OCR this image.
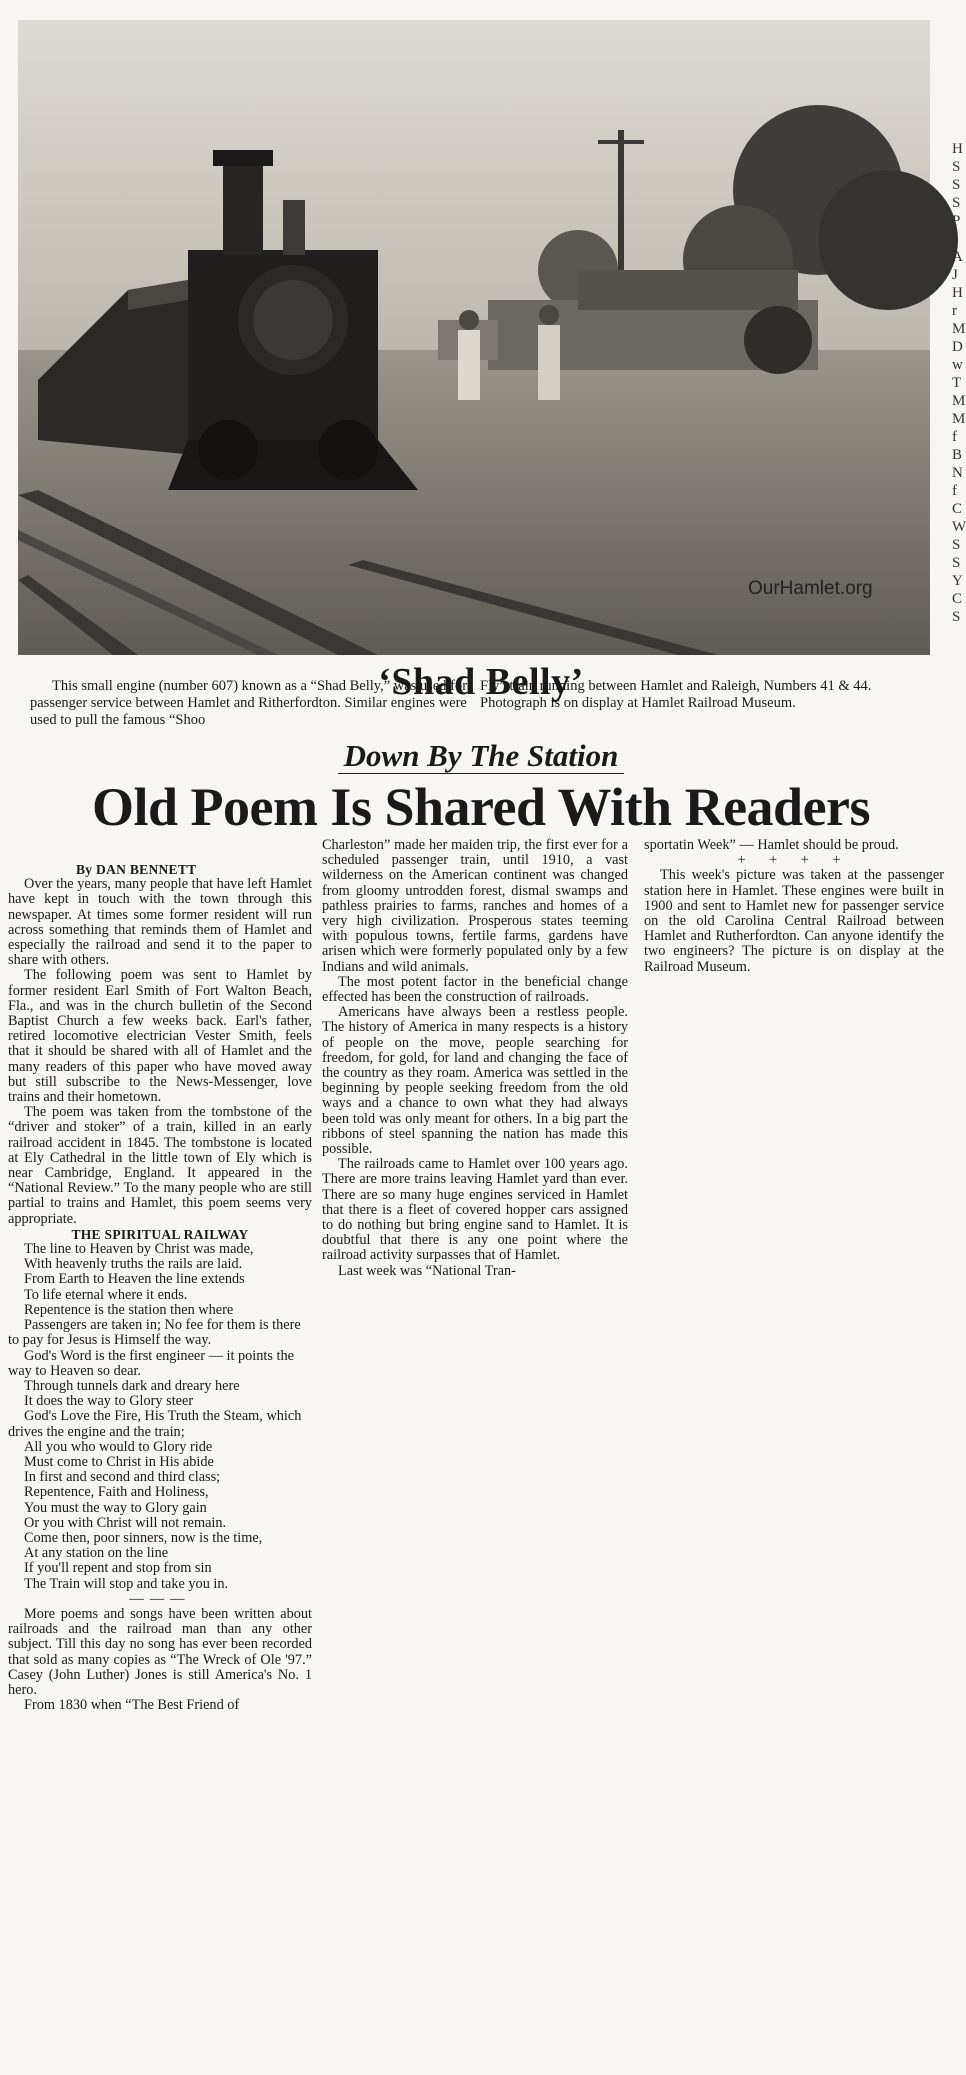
HSSSPfAJHrMDwTMMfBNfCWSSYCS
‘Shad Belly’
This small engine (number 607) known as a “Shad Belly,” was used for passenger service between Hamlet and Ritherfordton. Similar engines were used to pull the famous “Shoo
Fly” train running between Hamlet and Raleigh, Numbers 41 & 44. Photograph is on display at Hamlet Railroad Museum.
Down By The Station
Old Poem Is Shared With Readers
OurHamlet.org

By DAN BENNETT

Over the years, many people that have left Hamlet have kept in touch with the town through this newspaper. At times some former resident will run across something that reminds them of Hamlet and especially the railroad and send it to the paper to share with others.

The following poem was sent to Hamlet by former resident Earl Smith of Fort Walton Beach, Fla., and was in the church bulletin of the Second Baptist Church a few weeks back. Earl's father, retired locomotive electrician Vester Smith, feels that it should be shared with all of Hamlet and the many readers of this paper who have moved away but still subscribe to the News-Messenger, love trains and their hometown.

The poem was taken from the tombstone of the “driver and stoker” of a train, killed in an early railroad accident in 1845. The tombstone is located at Ely Cathedral in the little town of Ely which is near Cambridge, England. It appeared in the “National Review.” To the many people who are still partial to trains and Hamlet, this poem seems very appropriate.

THE SPIRITUAL RAILWAY

The line to Heaven by Christ was made,

With heavenly truths the rails are laid.

From Earth to Heaven the line extends

To life eternal where it ends.

Repentence is the station then where

Passengers are taken in; No fee for them is there to pay for Jesus is Himself the way.

God's Word is the first engineer — it points the way to Heaven so dear.

Through tunnels dark and dreary here

It does the way to Glory steer

God's Love the Fire, His Truth the Steam, which drives the engine and the train;

All you who would to Glory ride

Must come to Christ in His abide

In first and second and third class;

Repentence, Faith and Holiness,

You must the way to Glory gain

Or you with Christ will not remain.

Come then, poor sinners, now is the time,

At any station on the line

If you'll repent and stop from sin

The Train will stop and take you in.

———

More poems and songs have been written about railroads and the railroad man than any other subject. Till this day no song has ever been recorded that sold as many copies as “The Wreck of Ole '97.” Casey (John Luther) Jones is still America's No. 1 hero.

From 1830 when “The Best Friend of

Charleston” made her maiden trip, the first ever for a scheduled passenger train, until 1910, a vast wilderness on the American continent was changed from gloomy untrodden forest, dismal swamps and pathless prairies to farms, ranches and homes of a very high civilization. Prosperous states teeming with populous towns, fertile farms, gardens have arisen which were formerly populated only by a few Indians and wild animals.

The most potent factor in the beneficial change effected has been the construction of railroads.

Americans have always been a restless people. The history of America in many respects is a history of people on the move, people searching for freedom, for gold, for land and changing the face of the country as they roam. America was settled in the beginning by people seeking freedom from the old ways and a chance to own what they had always been told was only meant for others. In a big part the ribbons of steel spanning the nation has made this possible.

The railroads came to Hamlet over 100 years ago. There are more trains leaving Hamlet yard than ever. There are so many huge engines serviced in Hamlet that there is a fleet of covered hopper cars assigned to do nothing but bring engine sand to Hamlet. It is doubtful that there is any one point where the railroad activity surpasses that of Hamlet.

Last week was “National Tran-

sportatin Week” — Hamlet should be proud.

+ + + +

This week's picture was taken at the passenger station here in Hamlet. These engines were built in 1900 and sent to Hamlet new for passenger service on the old Carolina Central Railroad between Hamlet and Rutherfordton. Can anyone identify the two engineers? The picture is on display at the Railroad Museum.
